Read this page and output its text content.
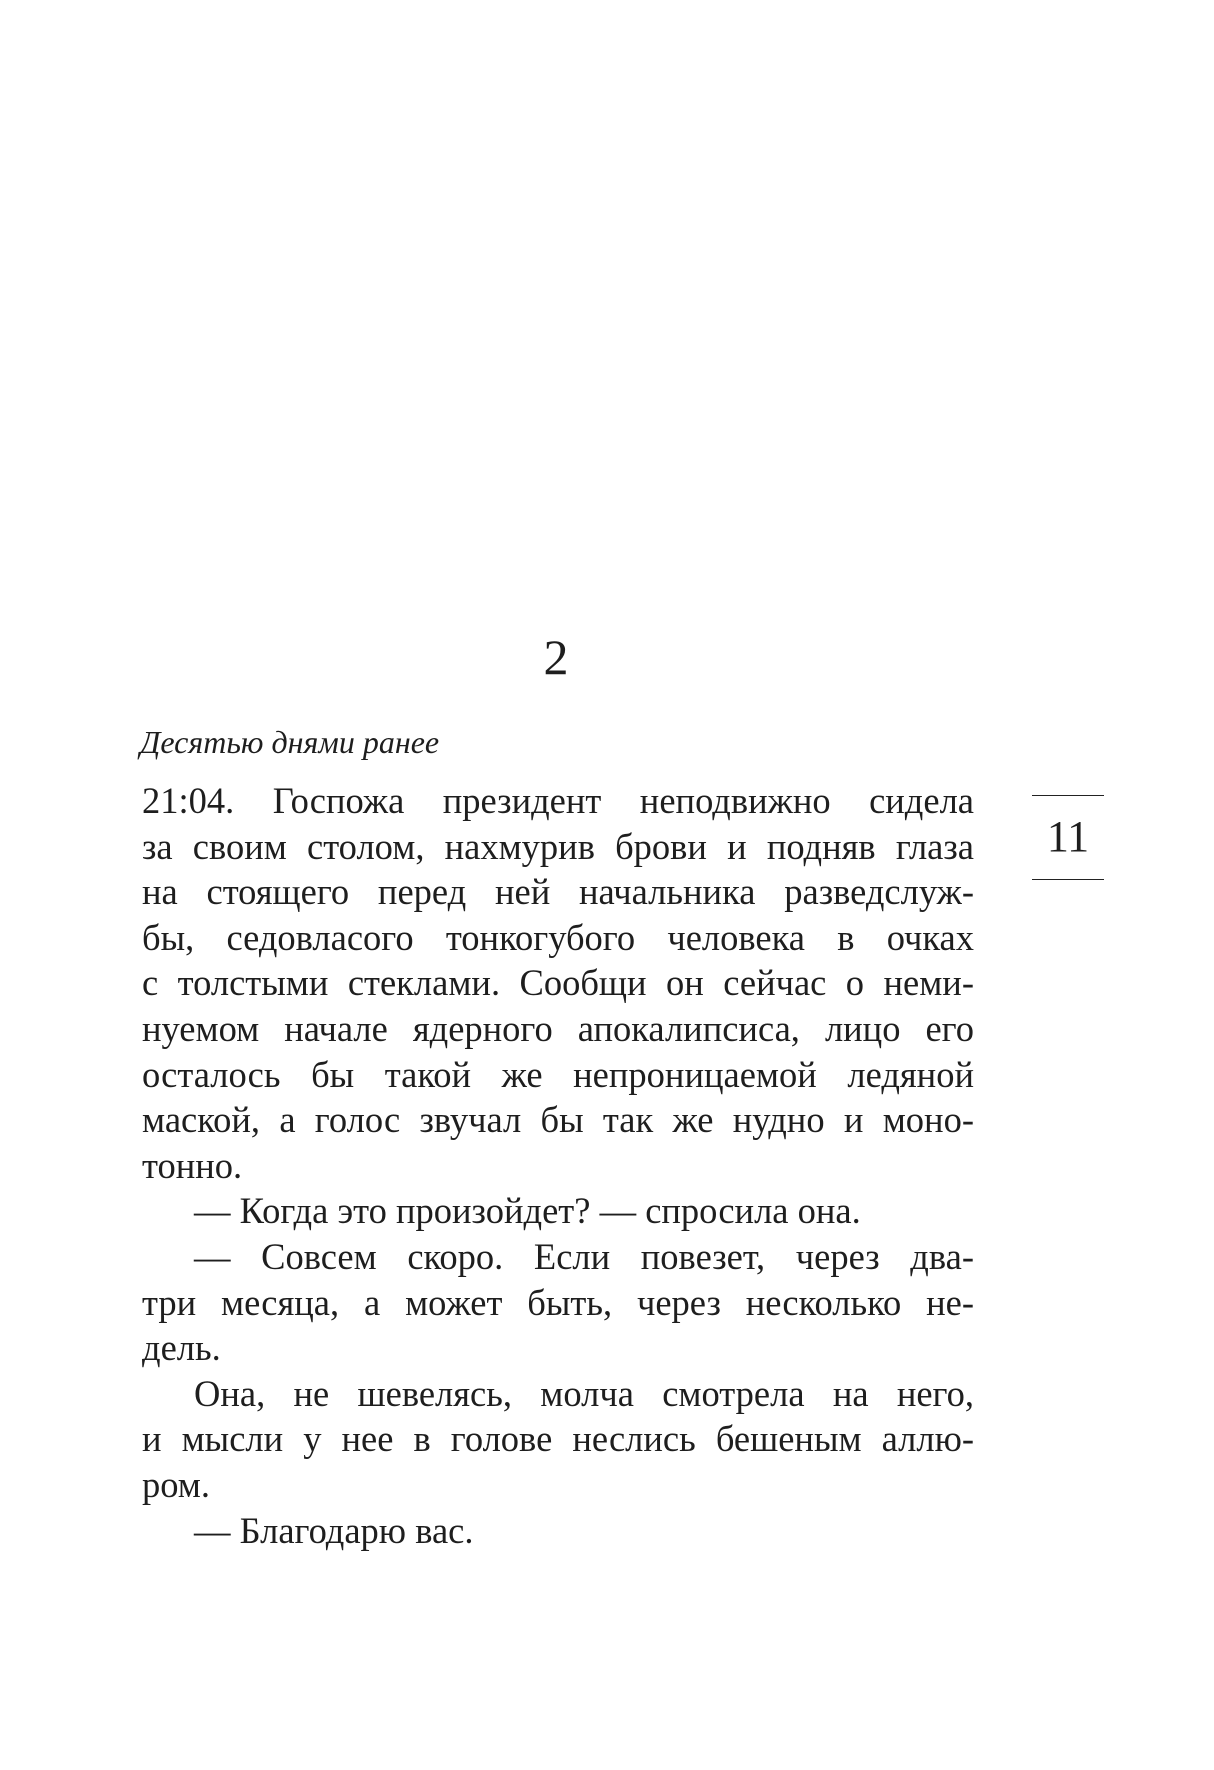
2
Десятью днями ранее
21:04. Госпожа президент неподвижно сидела
за своим столом, нахмурив брови и подняв глаза
на стоящего перед ней начальника разведслуж-
бы, седовласого тонкогубого человека в очках
с толстыми стеклами. Сообщи он сейчас о неми-
нуемом начале ядерного апокалипсиса, лицо его
осталось бы такой же непроницаемой ледяной
маской, а голос звучал бы так же нудно и моно-
тонно.
— Когда это произойдет? — спросила она.
— Совсем скоро. Если повезет, через два-
три месяца, а может быть, через несколько не-
дель.
Она, не шевелясь, молча смотрела на него,
и мысли у нее в голове неслись бешеным аллю-
ром.
— Благодарю вас.
11
